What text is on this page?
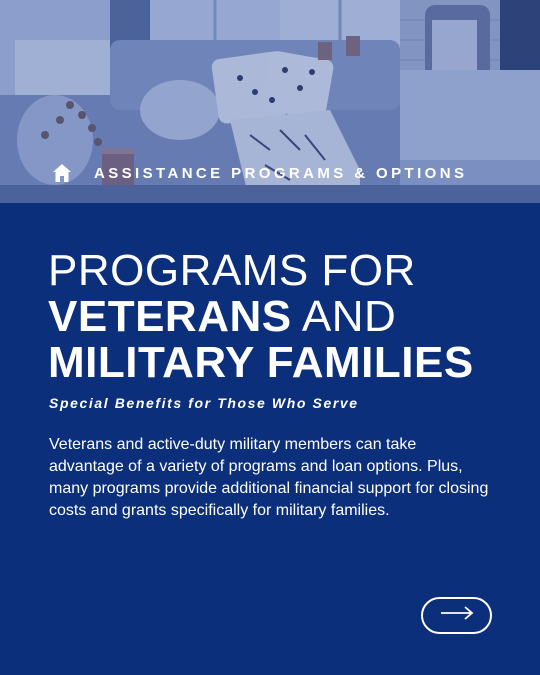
ASSISTANCE PROGRAMS & OPTIONS
PROGRAMS FOR
VETERANS AND
MILITARY FAMILIES
Special Benefits for Those Who Serve

Veterans and active-duty military members can take advantage of a variety of programs and loan options. Plus, many programs provide additional financial support for closing costs and grants specifically for military families.
